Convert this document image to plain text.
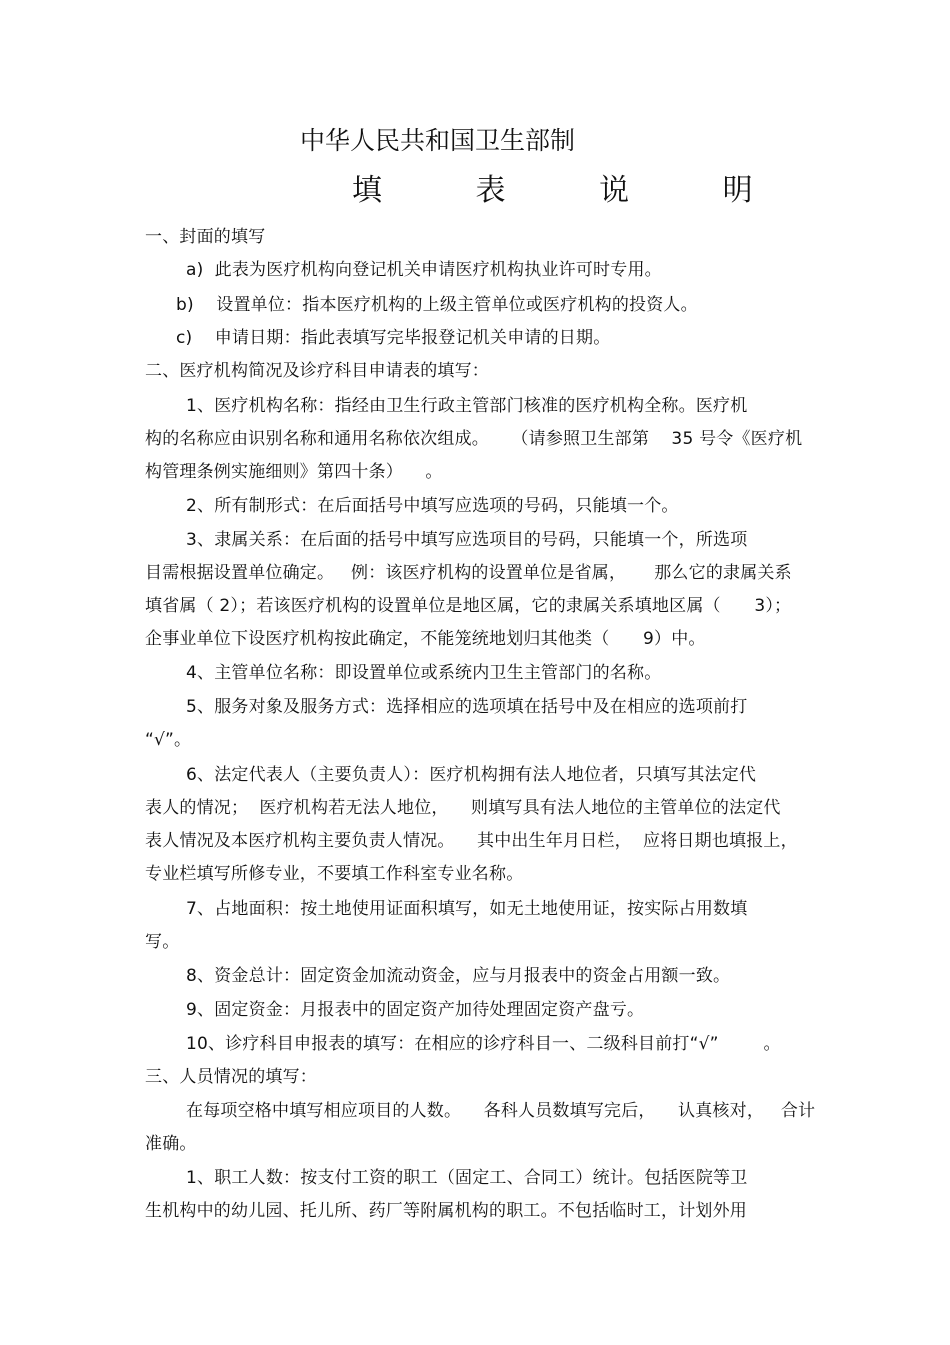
中华人民共和国卫生部制
填 表 说 明
一、封面的填写
a)  此表为医疗机构向登记机关申请医疗机构执业许可时专用。
b)    设置单位：指本医疗机构的上级主管单位或医疗机构的投资人。
c)    申请日期：指此表填写完毕报登记机关申请的日期。
二、医疗机构简况及诊疗科目申请表的填写：
1、医疗机构名称：指经由卫生行政主管部门核准的医疗机构全称。医疗机
构的名称应由识别名称和通用名称依次组成。    （请参照卫生部第    35 号令《医疗机
构管理条例实施细则》第四十条）    。
2、所有制形式：在后面括号中填写应选项的号码，只能填一个。
3、隶属关系：在后面的括号中填写应选项目的号码，只能填一个，所选项
目需根据设置单位确定。   例：该医疗机构的设置单位是省属，     那么它的隶属关系
填省属（ 2）；若该医疗机构的设置单位是地区属，它的隶属关系填地区属（      3）；
企事业单位下设医疗机构按此确定，不能笼统地划归其他类（      9）中。
4、主管单位名称：即设置单位或系统内卫生主管部门的名称。
5、服务对象及服务方式：选择相应的选项填在括号中及在相应的选项前打
“√”。
6、法定代表人（主要负责人）：医疗机构拥有法人地位者，只填写其法定代
表人的情况；  医疗机构若无法人地位，    则填写具有法人地位的主管单位的法定代
表人情况及本医疗机构主要负责人情况。    其中出生年月日栏，  应将日期也填报上，
专业栏填写所修专业，不要填工作科室专业名称。
7、占地面积：按土地使用证面积填写，如无土地使用证，按实际占用数填
写。
8、资金总计：固定资金加流动资金，应与月报表中的资金占用额一致。
9、固定资金：月报表中的固定资产加待处理固定资产盘亏。
10、诊疗科目申报表的填写：在相应的诊疗科目一、二级科目前打“√”        。
三、人员情况的填写：
在每项空格中填写相应项目的人数。    各科人员数填写完后，    认真核对，   合计
准确。
1、职工人数：按支付工资的职工（固定工、合同工）统计。包括医院等卫
生机构中的幼儿园、托儿所、药厂等附属机构的职工。不包括临时工，计划外用
